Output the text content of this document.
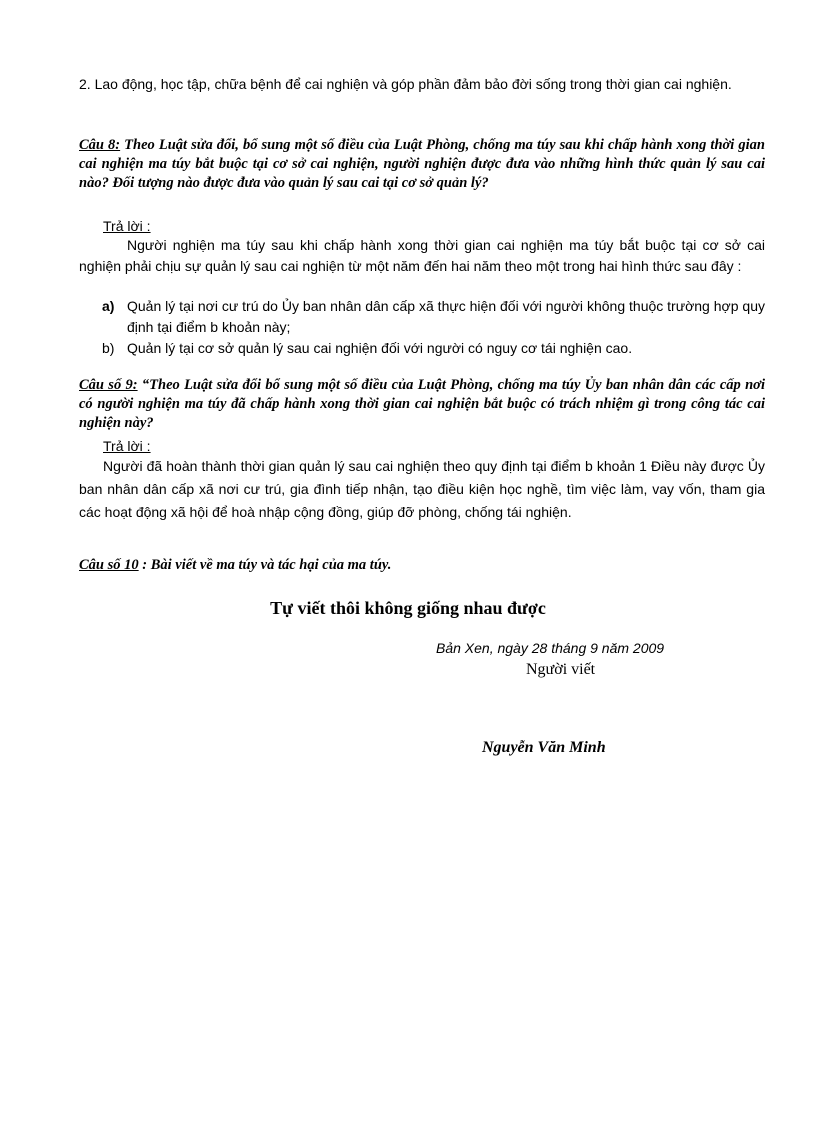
2. Lao động, học tập, chữa bệnh để cai nghiện và góp phần đảm bảo đời sống trong thời gian cai nghiện.

Câu 8: Theo Luật sửa đổi, bổ sung một số điều của Luật Phòng, chống ma túy sau khi chấp hành xong thời gian cai nghiện ma túy bắt buộc tại cơ sở cai nghiện, người nghiện được đưa vào những hình thức quản lý sau cai nào? Đối tượng nào được đưa vào quản lý sau cai tại cơ sở quản lý?

Trả lời :

Người nghiện ma túy sau khi chấp hành xong thời gian cai nghiện ma túy bắt buộc tại cơ sở cai nghiện phải chịu sự quản lý sau cai nghiện từ một năm đến hai năm theo một trong hai hình thức sau đây :

a) Quản lý tại nơi cư trú do Ủy ban nhân dân cấp xã thực hiện đối với người không thuộc trường hợp quy định tại điểm b khoản này;
b) Quản lý tại cơ sở quản lý sau cai nghiện đối với người có nguy cơ tái nghiện cao.

Câu số 9: “Theo Luật sửa đổi bổ sung một số điều của Luật Phòng, chống ma túy Ủy ban nhân dân các cấp nơi có người nghiện ma túy đã chấp hành xong thời gian cai nghiện bắt buộc có trách nhiệm gì trong công tác cai nghiện này?

Trả lời :

Người đã hoàn thành thời gian quản lý sau cai nghiện theo quy định tại điểm b khoản 1 Điều này được Ủy ban nhân dân cấp xã nơi cư trú, gia đình tiếp nhận, tạo điều kiện học nghề, tìm việc làm, vay vốn, tham gia các hoạt động xã hội để hoà nhập cộng đồng, giúp đỡ phòng, chống tái nghiện.

Câu số 10 : Bài viết về ma túy và tác hại của ma túy.

Tự viết thôi không giống nhau được
Bản Xen, ngày 28 tháng 9 năm 2009
Người viết
Nguyễn Văn Minh
